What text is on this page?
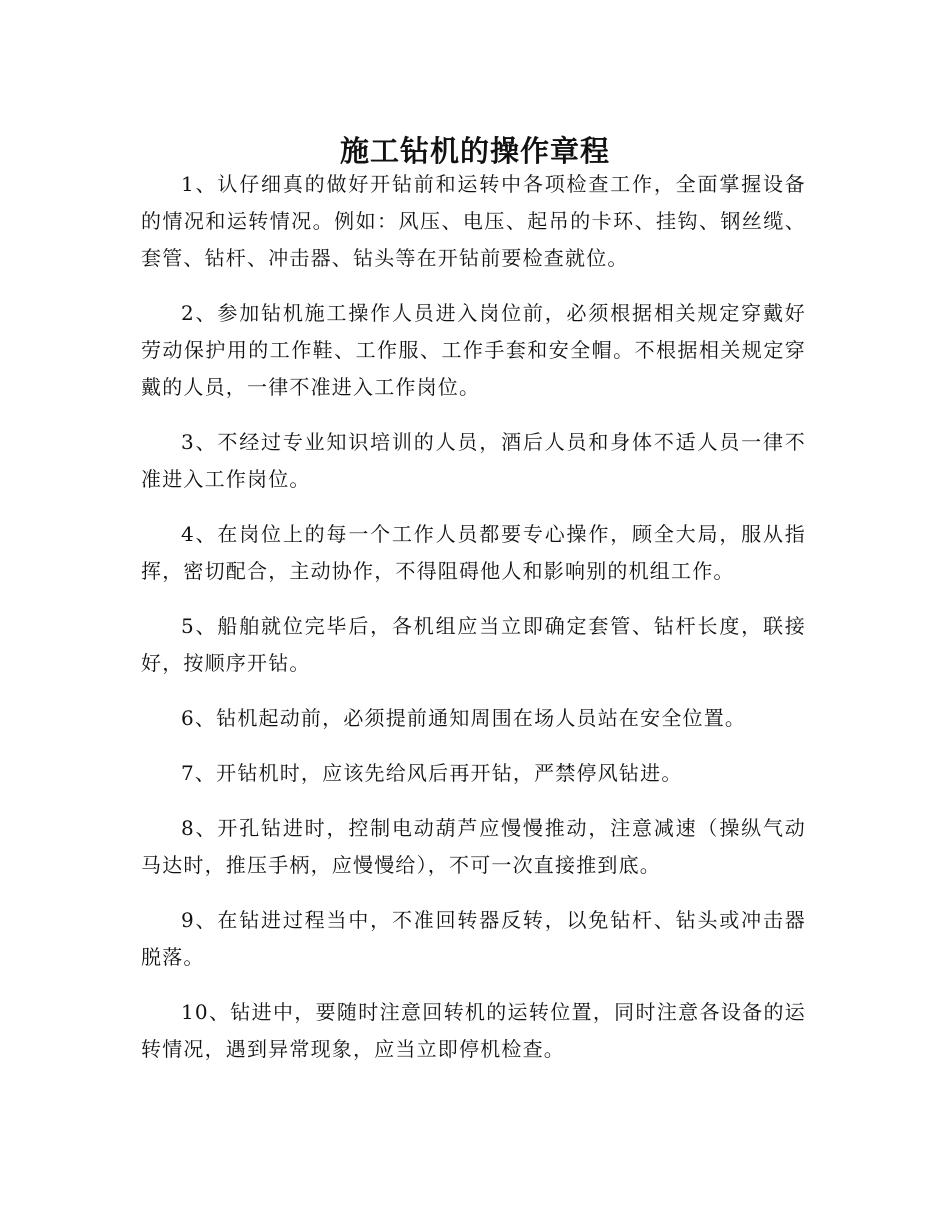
施工钻机的操作章程

1、认仔细真的做好开钻前和运转中各项检查工作，全面掌握设备的情况和运转情况。例如：风压、电压、起吊的卡环、挂钩、钢丝缆、套管、钻杆、冲击器、钻头等在开钻前要检查就位。

2、参加钻机施工操作人员进入岗位前，必须根据相关规定穿戴好劳动保护用的工作鞋、工作服、工作手套和安全帽。不根据相关规定穿戴的人员，一律不准进入工作岗位。

3、不经过专业知识培训的人员，酒后人员和身体不适人员一律不准进入工作岗位。

4、在岗位上的每一个工作人员都要专心操作，顾全大局，服从指挥，密切配合，主动协作，不得阻碍他人和影响别的机组工作。

5、船舶就位完毕后，各机组应当立即确定套管、钻杆长度，联接好，按顺序开钻。

6、钻机起动前，必须提前通知周围在场人员站在安全位置。

7、开钻机时，应该先给风后再开钻，严禁停风钻进。

8、开孔钻进时，控制电动葫芦应慢慢推动，注意减速（操纵气动马达时，推压手柄，应慢慢给），不可一次直接推到底。

9、在钻进过程当中，不准回转器反转，以免钻杆、钻头或冲击器脱落。

10、钻进中，要随时注意回转机的运转位置，同时注意各设备的运转情况，遇到异常现象，应当立即停机检查。
